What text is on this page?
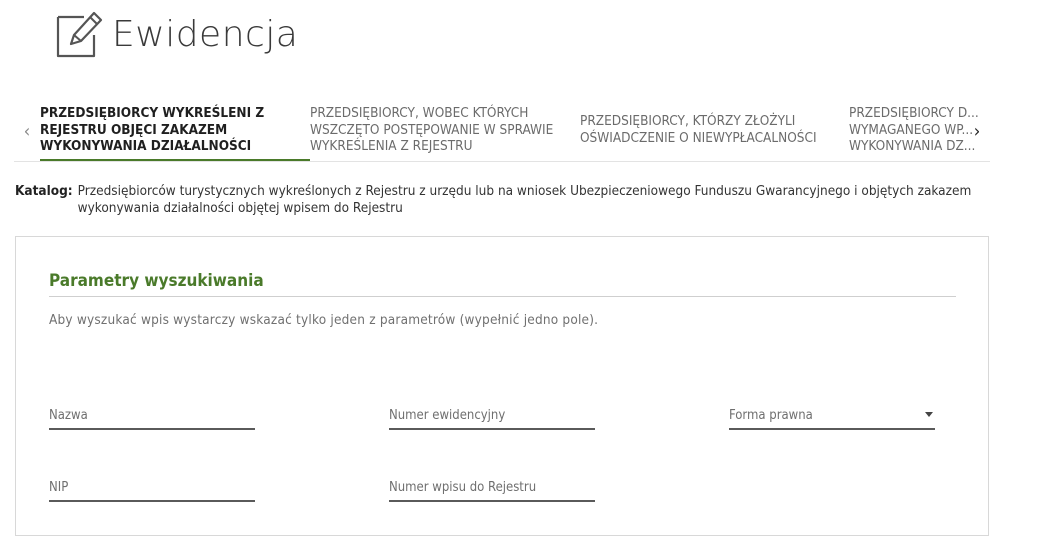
Ewidencja
‹
PRZEDSIĘBIORCY WYKREŚLENI Z REJESTRU OBJĘCI ZAKAZEM WYKONYWANIA DZIAŁALNOŚCI
PRZEDSIĘBIORCY, WOBEC KTÓRYCH WSZCZĘTO POSTĘPOWANIE W SPRAWIE WYKREŚLENIA Z REJESTRU
PRZEDSIĘBIORCY, KTÓRZY ZŁOŻYLI OŚWIADCZENIE O NIEWYPŁACALNOŚCI
PRZEDSIĘBIORCY D... WYMAGANEGO WP... WYKONYWANIA DZ...
›
Katalog: Przedsiębiorców turystycznych wykreślonych z Rejestru z urzędu lub na wniosek Ubezpieczeniowego Funduszu Gwarancyjnego i objętych zakazem wykonywania działalności objętej wpisem do Rejestru
Parametry wyszukiwania
Aby wyszukać wpis wystarczy wskazać tylko jeden z parametrów (wypełnić jedno pole).
Nazwa	Numer ewidencyjny	Forma prawna
NIP	Numer wpisu do Rejestru
